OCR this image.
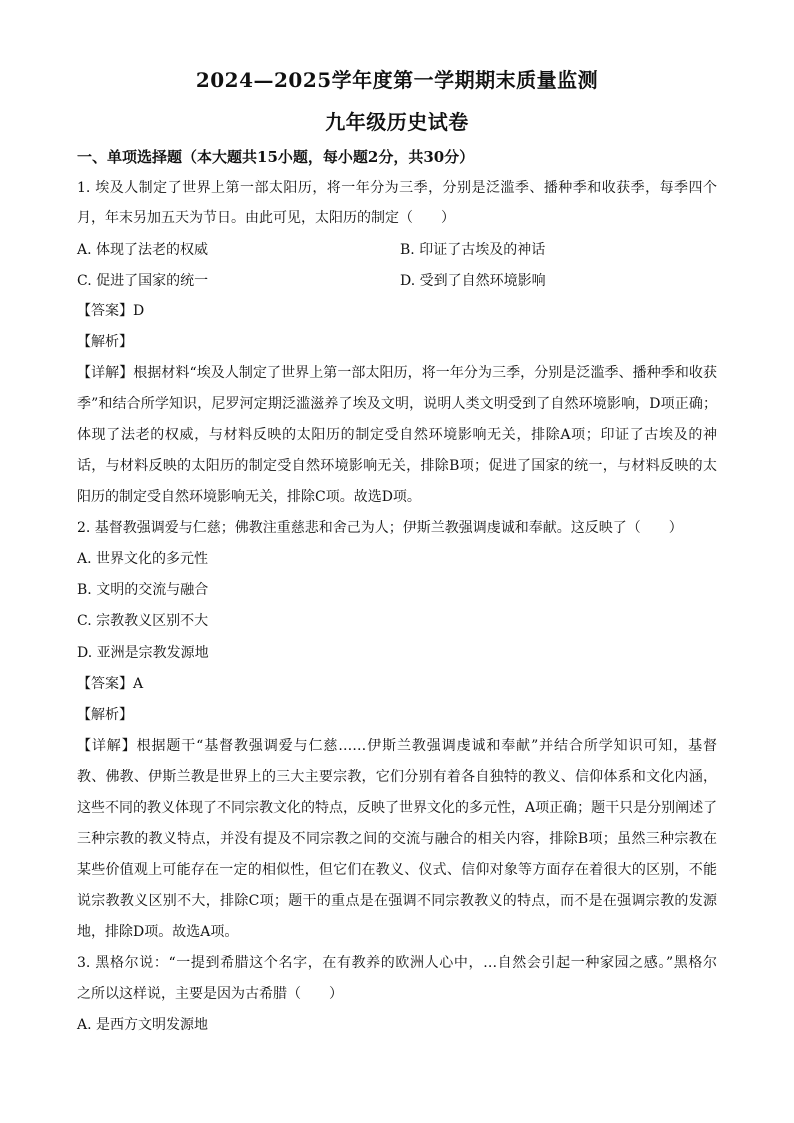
2024—2025学年度第一学期期末质量监测
九年级历史试卷
一、单项选择题（本大题共15小题，每小题2分，共30分）
1. 埃及人制定了世界上第一部太阳历，将一年分为三季，分别是泛滥季、播种季和收获季，每季四个
月，年末另加五天为节日。由此可见，太阳历的制定（　　）
A. 体现了法老的权威	B. 印证了古埃及的神话
C. 促进了国家的统一	D. 受到了自然环境影响
【答案】D
【解析】
【详解】根据材料“埃及人制定了世界上第一部太阳历，将一年分为三季，分别是泛滥季、播种季和收获
季”和结合所学知识，尼罗河定期泛滥滋养了埃及文明，说明人类文明受到了自然环境影响，D项正确；
体现了法老的权威，与材料反映的太阳历的制定受自然环境影响无关，排除A项；印证了古埃及的神
话，与材料反映的太阳历的制定受自然环境影响无关，排除B项；促进了国家的统一，与材料反映的太
阳历的制定受自然环境影响无关，排除C项。故选D项。
2. 基督教强调爱与仁慈；佛教注重慈悲和舍己为人；伊斯兰教强调虔诚和奉献。这反映了（　　）
A. 世界文化的多元性
B. 文明的交流与融合
C. 宗教教义区别不大
D. 亚洲是宗教发源地
【答案】A
【解析】
【详解】根据题干“基督教强调爱与仁慈……伊斯兰教强调虔诚和奉献”并结合所学知识可知，基督
教、佛教、伊斯兰教是世界上的三大主要宗教，它们分别有着各自独特的教义、信仰体系和文化内涵，
这些不同的教义体现了不同宗教文化的特点，反映了世界文化的多元性，A项正确；题干只是分别阐述了
三种宗教的教义特点，并没有提及不同宗教之间的交流与融合的相关内容，排除B项；虽然三种宗教在
某些价值观上可能存在一定的相似性，但它们在教义、仪式、信仰对象等方面存在着很大的区别，不能
说宗教教义区别不大，排除C项；题干的重点是在强调不同宗教教义的特点，而不是在强调宗教的发源
地，排除D项。故选A项。
3. 黑格尔说：“一提到希腊这个名字，在有教养的欧洲人心中，…自然会引起一种家园之感。”黑格尔
之所以这样说，主要是因为古希腊（　　）
A. 是西方文明发源地
